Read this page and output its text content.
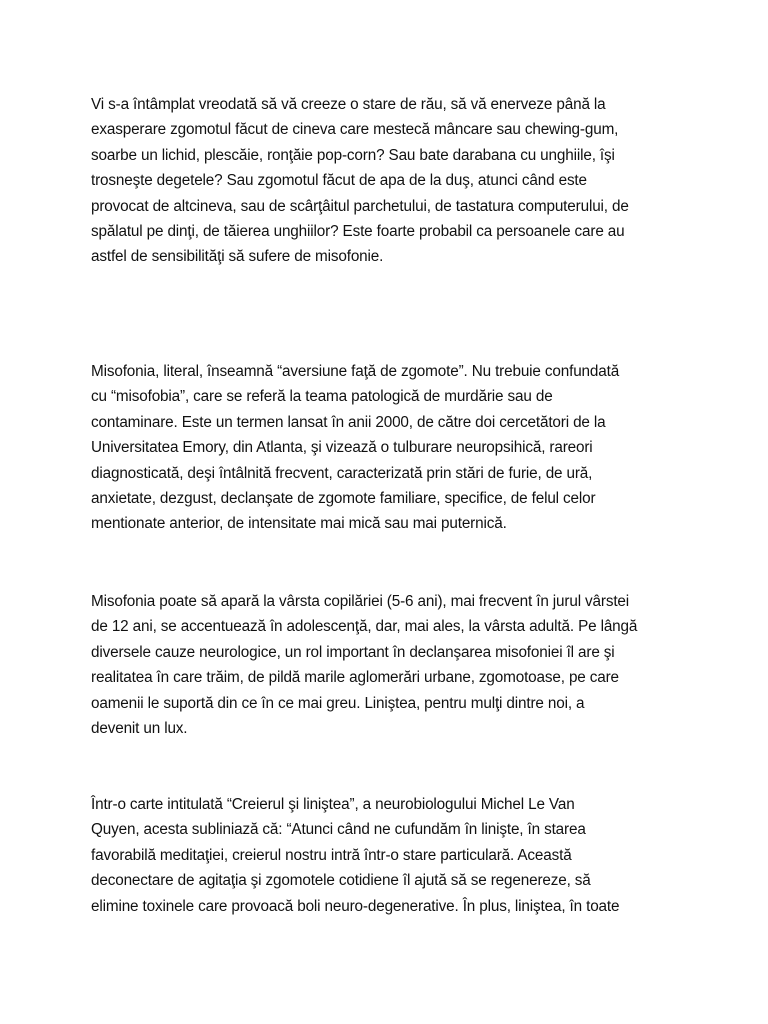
Vi s-a întâmplat vreodată să vă creeze o stare de rău, să vă enerveze până la
exasperare zgomotul făcut de cineva care mestecă mâncare sau chewing-gum,
soarbe un lichid, plescăie, ronţăie pop-corn? Sau bate darabana cu unghiile, îşi
trosneşte degetele? Sau zgomotul făcut de apa de la duş, atunci când este
provocat de altcineva, sau de scârţâitul parchetului, de tastatura computerului, de
spălatul pe dinţi, de tăierea unghiilor? Este foarte probabil ca persoanele care au
astfel de sensibilităţi să sufere de misofonie.

Misofonia, literal, înseamnă “aversiune faţă de zgomote”. Nu trebuie confundată
cu “misofobia”, care se referă la teama patologică de murdărie sau de
contaminare. Este un termen lansat în anii 2000, de către doi cercetători de la
Universitatea Emory, din Atlanta, şi vizează o tulburare neuropsihică, rareori
diagnosticată, deşi întâlnită frecvent, caracterizată prin stări de furie, de ură,
anxietate, dezgust, declanşate de zgomote familiare, specifice, de felul celor
mentionate anterior, de intensitate mai mică sau mai puternică.

Misofonia poate să apară la vârsta copilăriei (5-6 ani), mai frecvent în jurul vârstei
de 12 ani, se accentuează în adolescenţă, dar, mai ales, la vârsta adultă. Pe lângă
diversele cauze neurologice, un rol important în declanşarea misofoniei îl are şi
realitatea în care trăim, de pildă marile aglomerări urbane, zgomotoase, pe care
oamenii le suportă din ce în ce mai greu. Liniştea, pentru mulţi dintre noi, a
devenit un lux.

Într-o carte intitulată “Creierul şi liniştea”, a neurobiologului Michel Le Van
Quyen, acesta subliniază că: “Atunci când ne cufundăm în linişte, în starea
favorabilă meditaţiei, creierul nostru intră într-o stare particulară. Această
deconectare de agitaţia şi zgomotele cotidiene îl ajută să se regenereze, să
elimine toxinele care provoacă boli neuro-degenerative. În plus, liniştea, în toate
